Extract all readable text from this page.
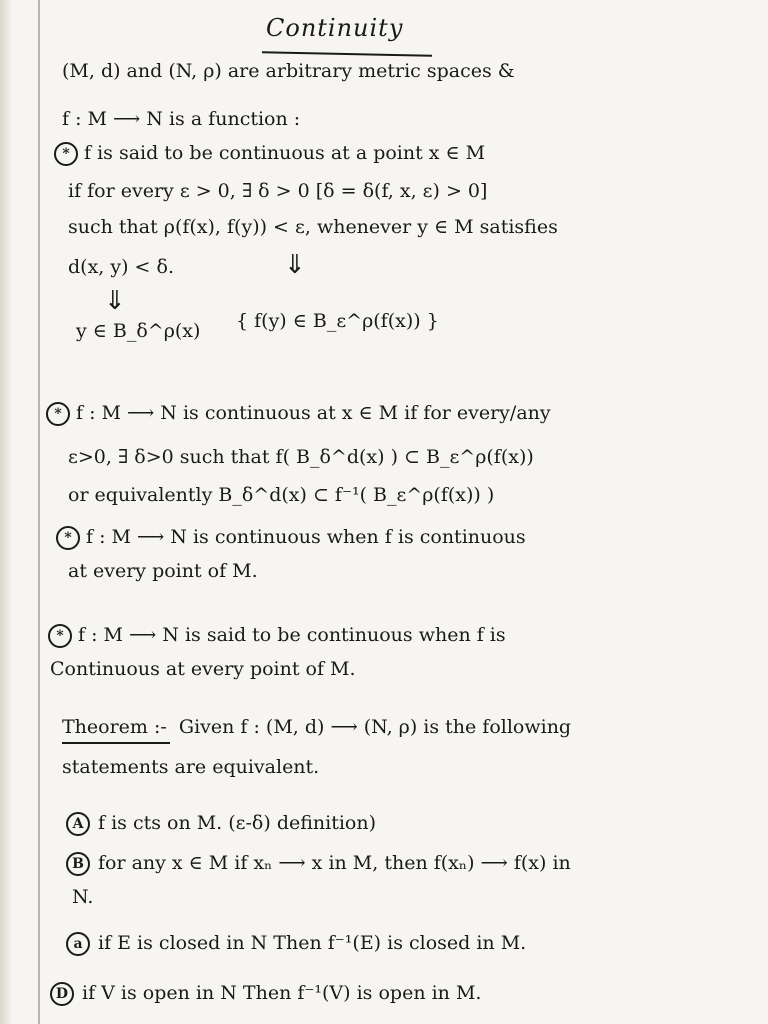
Continuity
(M, d) and (N, ρ) are arbitrary metric spaces &
f : M ⟶ N is a function :
* f is said to be continuous at a point x ∈ M
if for every ε > 0, ∃ δ > 0 [δ = δ(f, x, ε) > 0]
such that ρ(f(x), f(y)) < ε, whenever y ∈ M satisfies
d(x, y) < δ.
⇓
⇓
y ∈ B_δ^ρ(x) { f(y) ∈ B_ε^ρ(f(x)) }
* f : M ⟶ N is continuous at x ∈ M if for every/any
ε>0, ∃ δ>0 such that f( B_δ^d(x) ) ⊂ B_ε^ρ(f(x))
or equivalently B_δ^d(x) ⊂ f⁻¹( B_ε^ρ(f(x)) )
* f : M ⟶ N is continuous when f is continuous
at every point of M.
* f : M ⟶ N is said to be continuous when f is
Continuous at every point of M.
Theorem :- Given f : (M, d) ⟶ (N, ρ) is the following
statements are equivalent.
A f is cts on M. (ε-δ) definition)
B for any x ∈ M if xₙ ⟶ x in M, then f(xₙ) ⟶ f(x) in
N.
a if E is closed in N Then f⁻¹(E) is closed in M.
D if V is open in N Then f⁻¹(V) is open in M.
